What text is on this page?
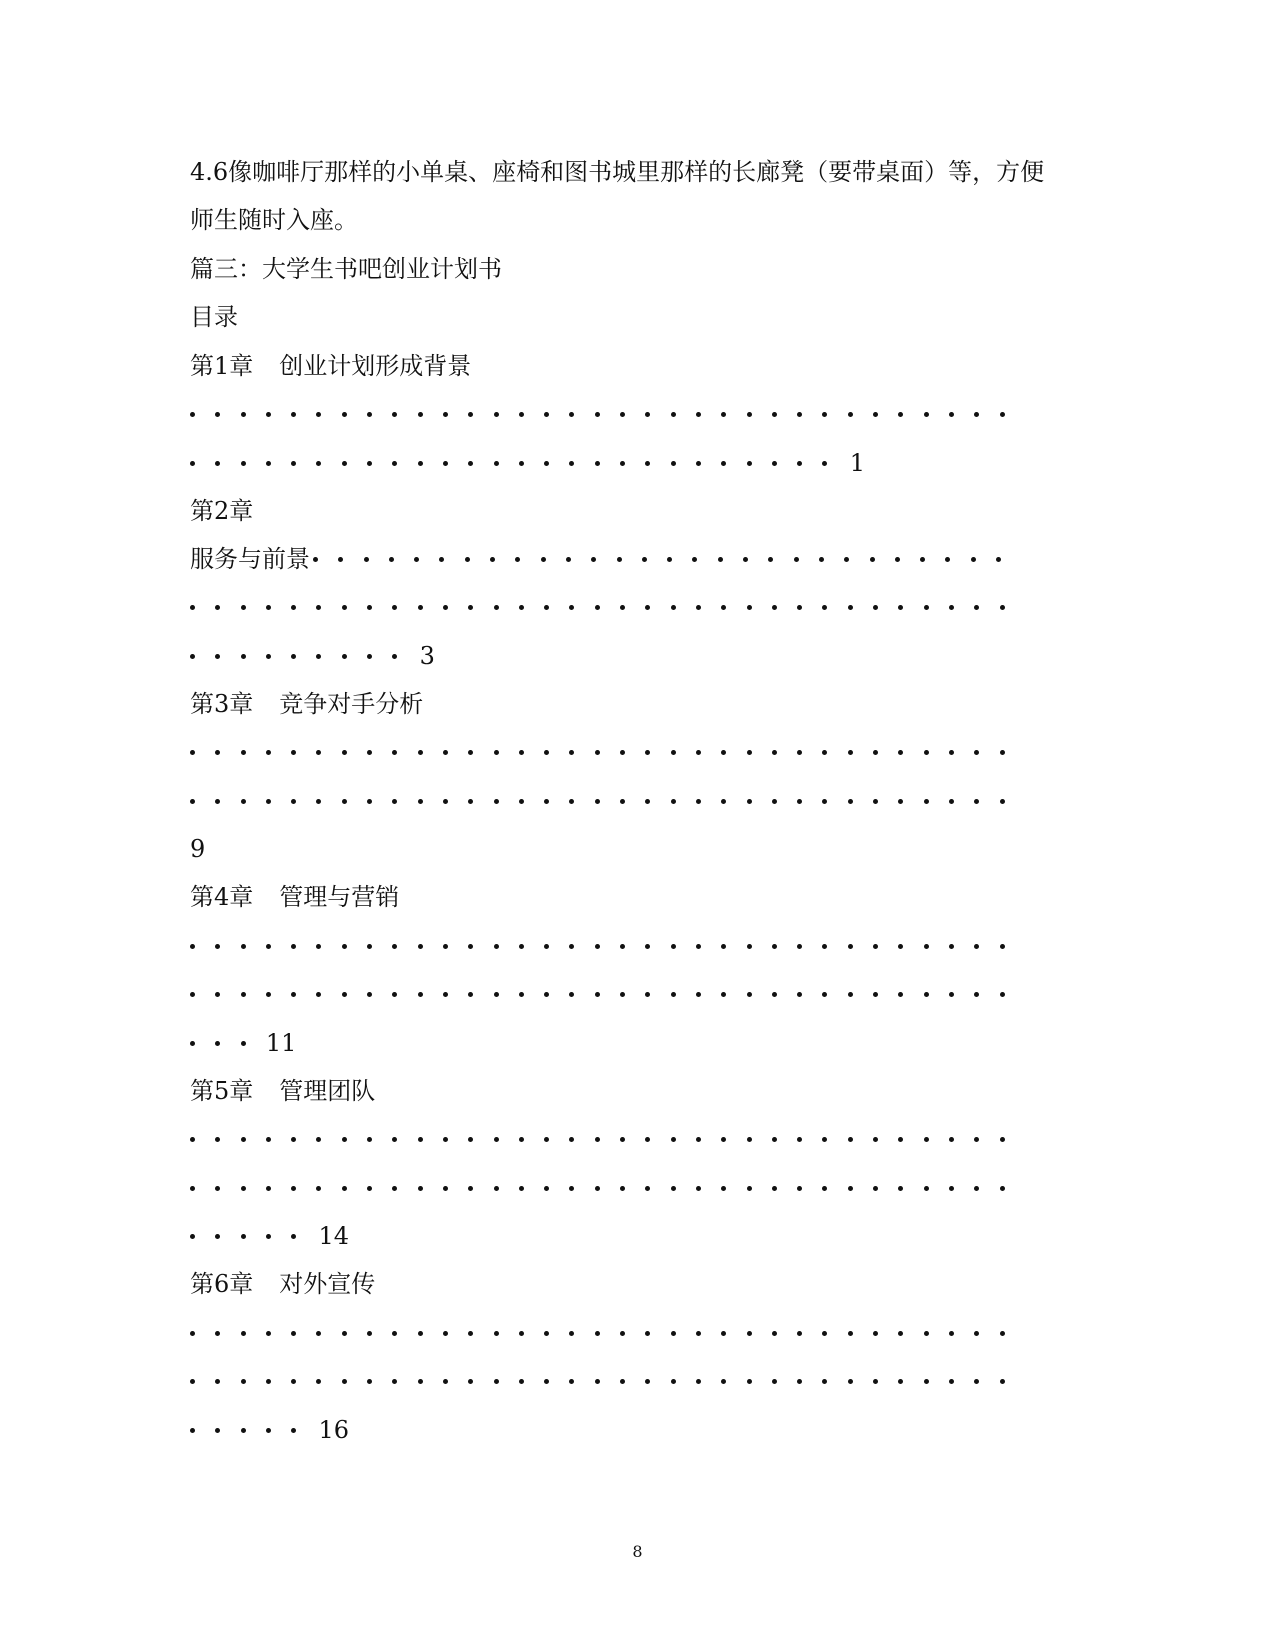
4.6像咖啡厅那样的小单桌、座椅和图书城里那样的长廊凳（要带桌面）等，方便
师生随时入座。
篇三：大学生书吧创业计划书
目录
第1章 创业计划形成背景
1
第2章
服务与前景
3
第3章 竞争对手分析
9
第4章 管理与营销
11
第5章 管理团队
14
第6章 对外宣传
16
8
